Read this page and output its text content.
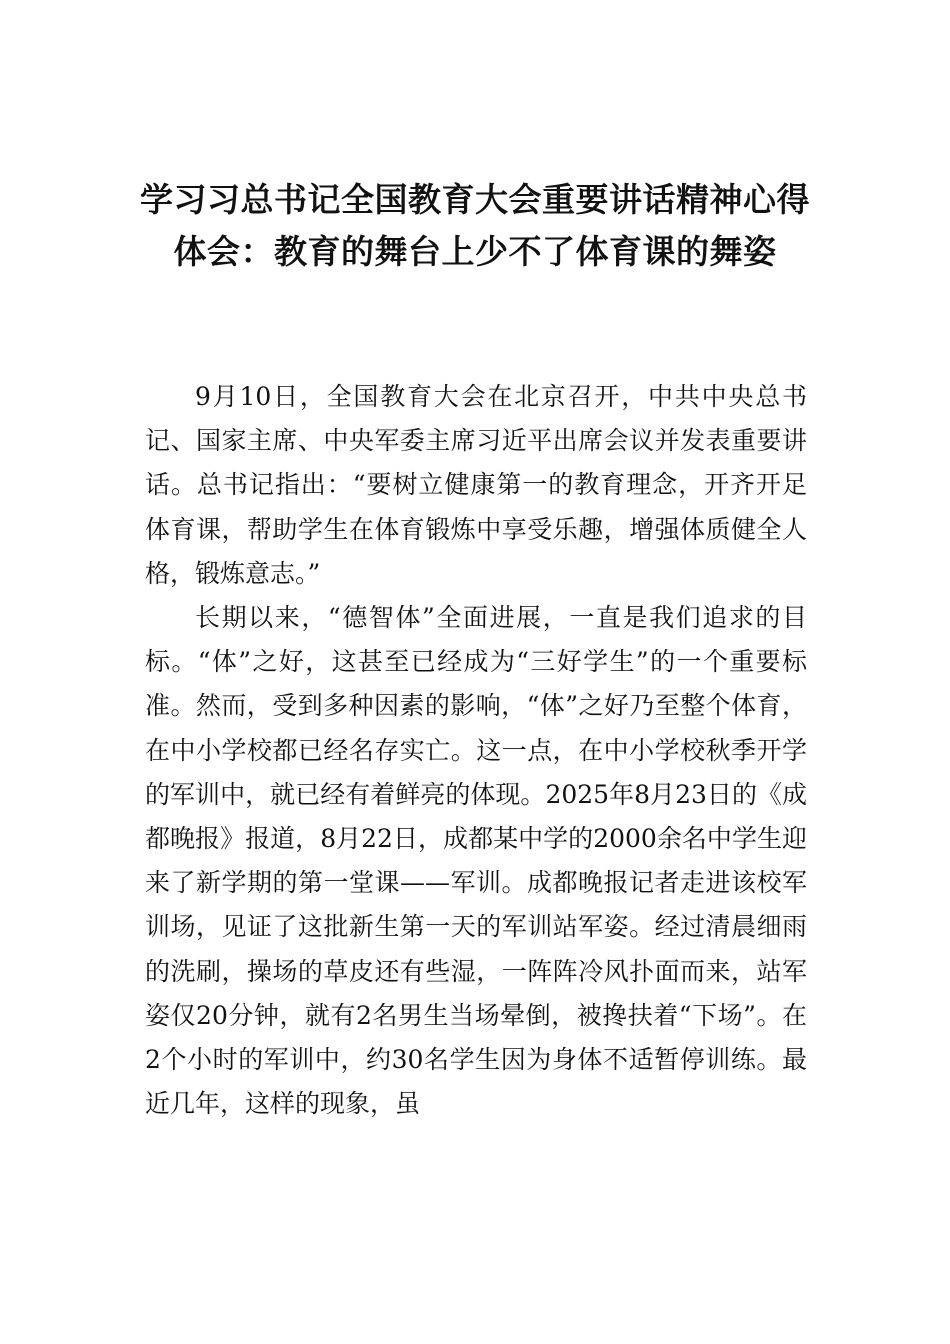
学习习总书记全国教育大会重要讲话精神心得体会：教育的舞台上少不了体育课的舞姿

9月10日，全国教育大会在北京召开，中共中央总书记、国家主席、中央军委主席习近平出席会议并发表重要讲话。总书记指出：“要树立健康第一的教育理念，开齐开足体育课，帮助学生在体育锻炼中享受乐趣，增强体质健全人格，锻炼意志。”

长期以来，“德智体”全面进展，一直是我们追求的目标。“体”之好，这甚至已经成为“三好学生”的一个重要标准。然而，受到多种因素的影响，“体”之好乃至整个体育，在中小学校都已经名存实亡。这一点，在中小学校秋季开学的军训中，就已经有着鲜亮的体现。2025年8月23日的《成都晚报》报道，8月22日，成都某中学的2000余名中学生迎来了新学期的第一堂课——军训。成都晚报记者走进该校军训场，见证了这批新生第一天的军训站军姿。经过清晨细雨的洗刷，操场的草皮还有些湿，一阵阵冷风扑面而来，站军姿仅20分钟，就有2名男生当场晕倒，被搀扶着“下场”。在2个小时的军训中，约30名学生因为身体不适暂停训练。最近几年，这样的现象，虽
